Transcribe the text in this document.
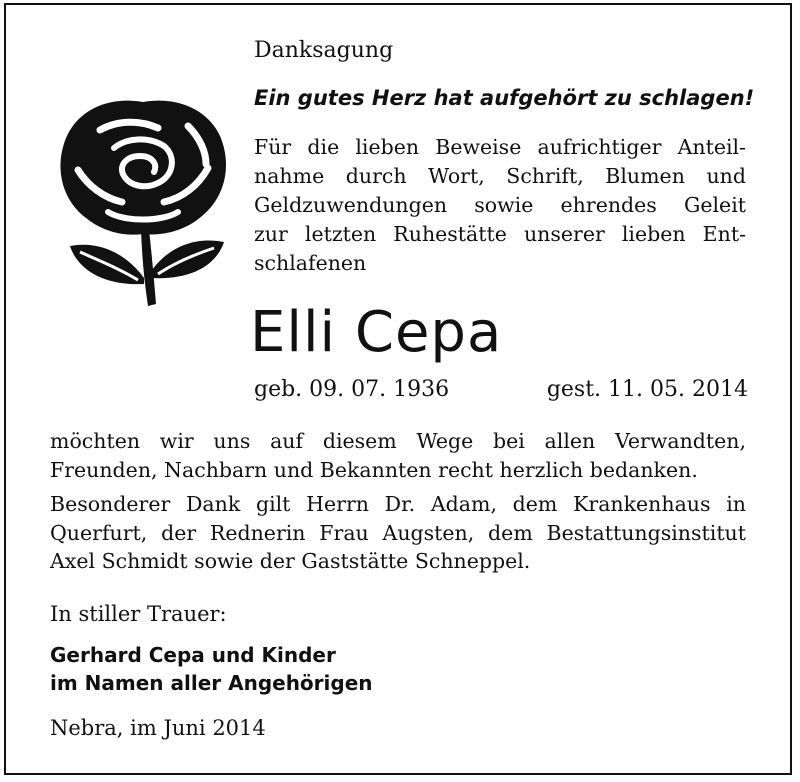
Danksagung
Ein gutes Herz hat aufgehört zu schlagen!
Für die lieben Beweise aufrichtiger Anteil-
nahme durch Wort, Schrift, Blumen und
Geldzuwendungen sowie ehrendes Geleit
zur letzten Ruhestätte unserer lieben Ent-
schlafenen
Elli Cepa
geb. 09. 07. 1936	gest. 11. 05. 2014
möchten wir uns auf diesem Wege bei allen Verwandten,
Freunden, Nachbarn und Bekannten recht herzlich bedanken.
Besonderer Dank gilt Herrn Dr. Adam, dem Krankenhaus in
Querfurt, der Rednerin Frau Augsten, dem Bestattungsinstitut
Axel Schmidt sowie der Gaststätte Schneppel.
In stiller Trauer:
Gerhard Cepa und Kinder
im Namen aller Angehörigen
Nebra, im Juni 2014
